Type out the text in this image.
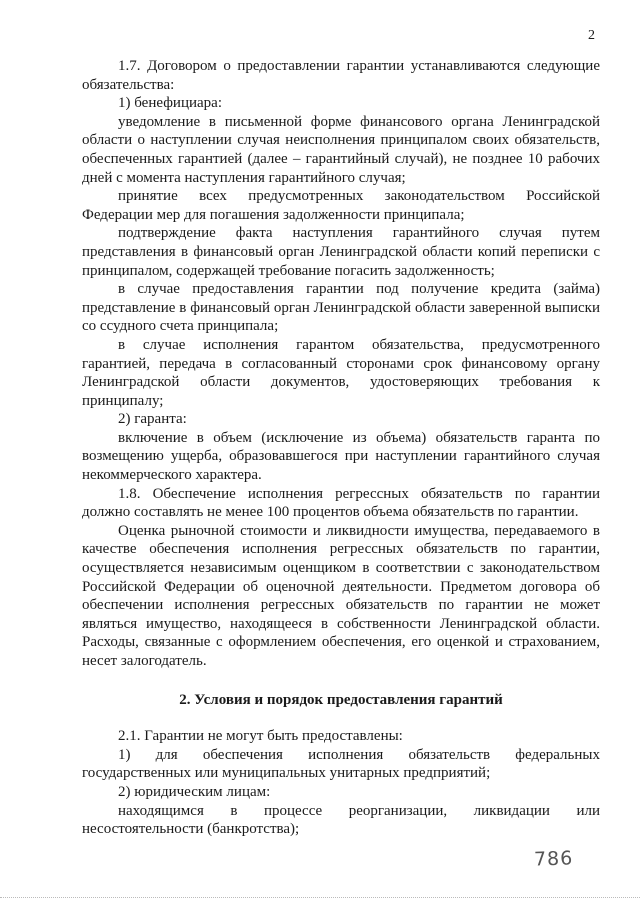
2

1.7. Договором о предоставлении гарантии устанавливаются следующие обязательства:

1) бенефициара:

уведомление в письменной форме финансового органа Ленинградской области о наступлении случая неисполнения принципалом своих обязательств, обеспеченных гарантией (далее – гарантийный случай), не позднее 10 рабочих дней с момента наступления гарантийного случая;

принятие всех предусмотренных законодательством Российской Федерации мер для погашения задолженности принципала;

подтверждение факта наступления гарантийного случая путем представления в финансовый орган Ленинградской области копий переписки с принципалом, содержащей требование погасить задолженность;

в случае предоставления гарантии под получение кредита (займа) представление в финансовый орган Ленинградской области заверенной выписки со ссудного счета принципала;

в случае исполнения гарантом обязательства, предусмотренного гарантией, передача в согласованный сторонами срок финансовому органу Ленинградской области документов, удостоверяющих требования к принципалу;

2) гаранта:

включение в объем (исключение из объема) обязательств гаранта по возмещению ущерба, образовавшегося при наступлении гарантийного случая некоммерческого характера.

1.8. Обеспечение исполнения регрессных обязательств по гарантии должно составлять не менее 100 процентов объема обязательств по гарантии.

Оценка рыночной стоимости и ликвидности имущества, передаваемого в качестве обеспечения исполнения регрессных обязательств по гарантии, осуществляется независимым оценщиком в соответствии с законодательством Российской Федерации об оценочной деятельности. Предметом договора об обеспечении исполнения регрессных обязательств по гарантии не может являться имущество, находящееся в собственности Ленинградской области. Расходы, связанные с оформлением обеспечения, его оценкой и страхованием, несет залогодатель.

2. Условия и порядок предоставления гарантий

2.1. Гарантии не могут быть предоставлены:

1) для обеспечения исполнения обязательств федеральных государственных или муниципальных унитарных предприятий;

2) юридическим лицам:

находящимся в процессе реорганизации, ликвидации или несостоятельности (банкротства);

786
